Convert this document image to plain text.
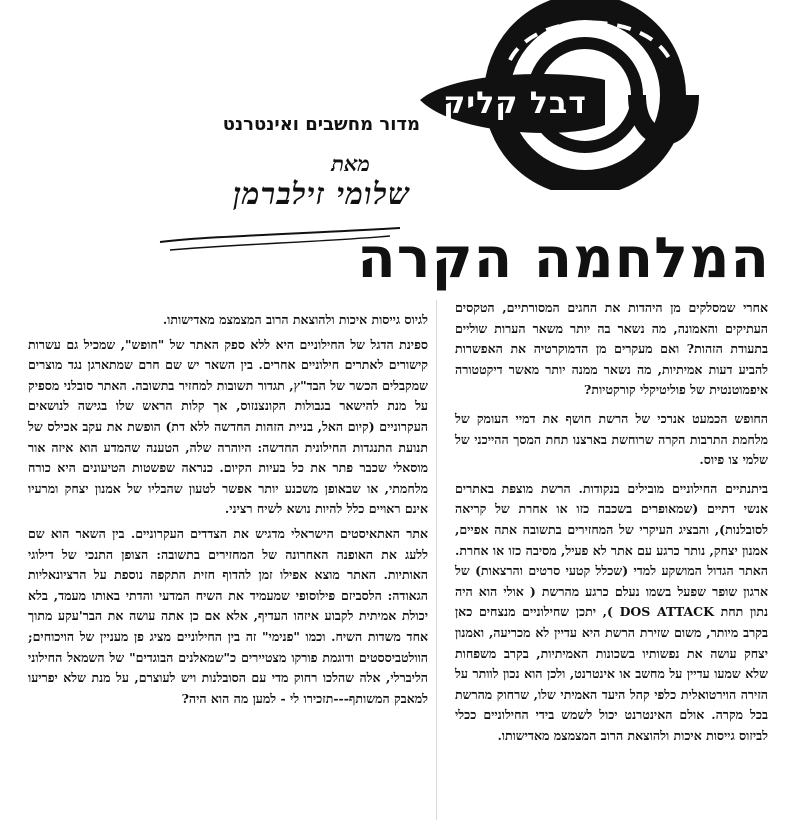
דבל קליק
מדור מחשבים ואינטרנט
מאת
שלומי זילברמן
המלחמה הקרה

אחרי שמסלקים מן היהדות את החגים המסורתיים, הטקסים העתיקים והאמונה, מה נשאר בה יותר משאר הערות שוליים בתעודת הזהות? ואם מעקרים מן הדמוקרטיה את האפשרות להביע דעות אמיתיות, מה נשאר ממנה יותר מאשר דיקטטורה איפמוטנטית של פוליטיקלי קורקטיות?

החופש הכמעט אנרכי של הרשת חושף את דמיי העומק של מלחמת התרבות הקרה שרוחשת בארצנו תחת המסך ההייכני של שלמי צו פיוס.

ביתנתיים החילוניים מובילים בנקודות. הרשת מוצפת באתרים אנשי דתיים (שמאופרים בשכבה כזו או אחרת של קריאה לסובלנות), והבציג העיקרי של המחזירים בתשובה אתה אפיים, אמנון יצחק, נותר כרגע עם אתר לא פעיל, מסיבה כזו או אחרת. האתר הגדול המושקע למדי (שכלל קטעי סרטים והרצאות) של ארגון שופר שפעל בשמו נעלם כרגע מהרשת ( אולי הוא היה נתון תחת DOS ATTACK ), יתכן שחילוניים מנצחים כאן בקרב מיותר, משום שזירת הרשת היא עדיין לא מכריעה, ואמנון יצחק עושה את נפשותיו בשכונות האמיתיות, בקרב משפחות שלא שמעו עדיין על מחשב או אינטרנט, ולכן הוא נכון לוותר על הזירה הוירטואלית כלפי קהל היעד האמיתי שלו, שרחוק מהרשת בכל מקרה. אולם האינטרנט יכול לשמש בידי החילוניים ככלי לביזוס גייסות איכות ולהוצאת הרוב המצמצמ מאדישותו.

לגיוס גייסות איכות ולהוצאת הרוב המצמצמ מאדישותו.

ספינת הדגל של החילוניים היא ללא ספק האתר של "חופש", שמכיל גם עשרות קישורים לאתרים חילוניים אחרים. בין השאר יש שם חרם שמתארגן נגד מוצרים שמקבלים הכשר של הבד"ץ, תגדור תשובות למחזיר בתשובה. האתר סובלני מספיק על מנת להישאר בגבולות הקונצנזוס, אך קלות הראש שלו בגישה לנושאים העקרוניים (קיום האל, בניית הזהות החדשה ללא דת) הופשת את עקב אכילס של תנועת התנגדות החילונית החדשה: היוהרה שלה, הטענה שהמדע הוא איזה אור מוסאלי שכבר פתר את כל בעיות הקיום. כנראה שפשטות הטיעונים היא כורח מלחמתי, או שבאופן משכנע יותר אפשר לטעון שהבליו של אמנון יצחק ומרעיו אינם ראויים כלל להיות נושא לשיח רציני.

אתר האתאיסטים הישראלי מדגיש את הצדדים העקרוניים. בין השאר הוא שם ללעג את האופנה האחרונה של המחזירים בתשובה: הצופן התנכי של דילוגי האותיות. האתר מוצא אפילו זמן להדוף חזית התקפה נוספת על הרציונאליות הגאודה: הלסביזם פילוסופי שמעמיד את השיח המדעי והדתי באותו מעמד, בלא יכולת אמיתית לקבוע איזהו העדיף, אלא אם כן אתה עושה את הבר'עקע מתוך אחד משדות השיח. וכמו "פנימי" זה בין החילוניים מציג פן מעניין של הויכוחים; הוולטביססטים ודוגמת פורקו מצטיירים כ"שמאלנים הבוגדים" של השמאל החילוני הליברלי, אלה שהלכו רחוק מדי עם הסובלנות ויש לעוצרם, על מנת שלא יפריעו למאבק המשותף---תזכירו לי - למען מה הוא היה?
